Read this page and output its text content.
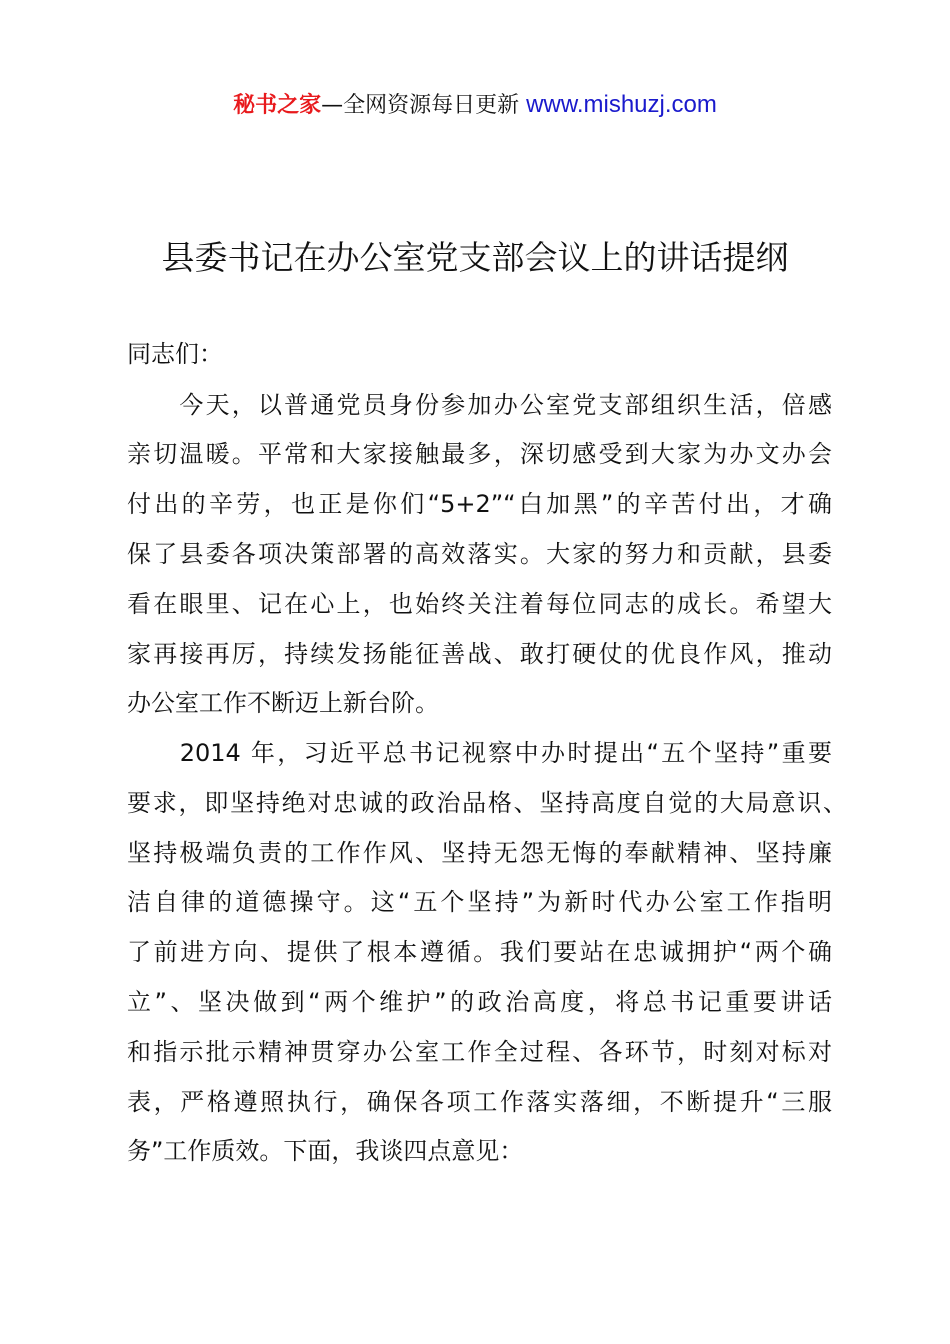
秘书之家—全网资源每日更新 www.mishuzj.com
县委书记在办公室党支部会议上的讲话提纲
同志们：
　　今天，以普通党员身份参加办公室党支部组织生活，倍感
亲切温暖。平常和大家接触最多，深切感受到大家为办文办会
付出的辛劳，也正是你们“5+2”“白加黑”的辛苦付出，才确
保了县委各项决策部署的高效落实。大家的努力和贡献，县委
看在眼里、记在心上，也始终关注着每位同志的成长。希望大
家再接再厉，持续发扬能征善战、敢打硬仗的优良作风，推动
办公室工作不断迈上新台阶。
　　2014 年，习近平总书记视察中办时提出“五个坚持”重要
要求，即坚持绝对忠诚的政治品格、坚持高度自觉的大局意识、
坚持极端负责的工作作风、坚持无怨无悔的奉献精神、坚持廉
洁自律的道德操守。这“五个坚持”为新时代办公室工作指明
了前进方向、提供了根本遵循。我们要站在忠诚拥护“两个确
立”、坚决做到“两个维护”的政治高度，将总书记重要讲话
和指示批示精神贯穿办公室工作全过程、各环节，时刻对标对
表，严格遵照执行，确保各项工作落实落细，不断提升“三服
务”工作质效。下面，我谈四点意见：
